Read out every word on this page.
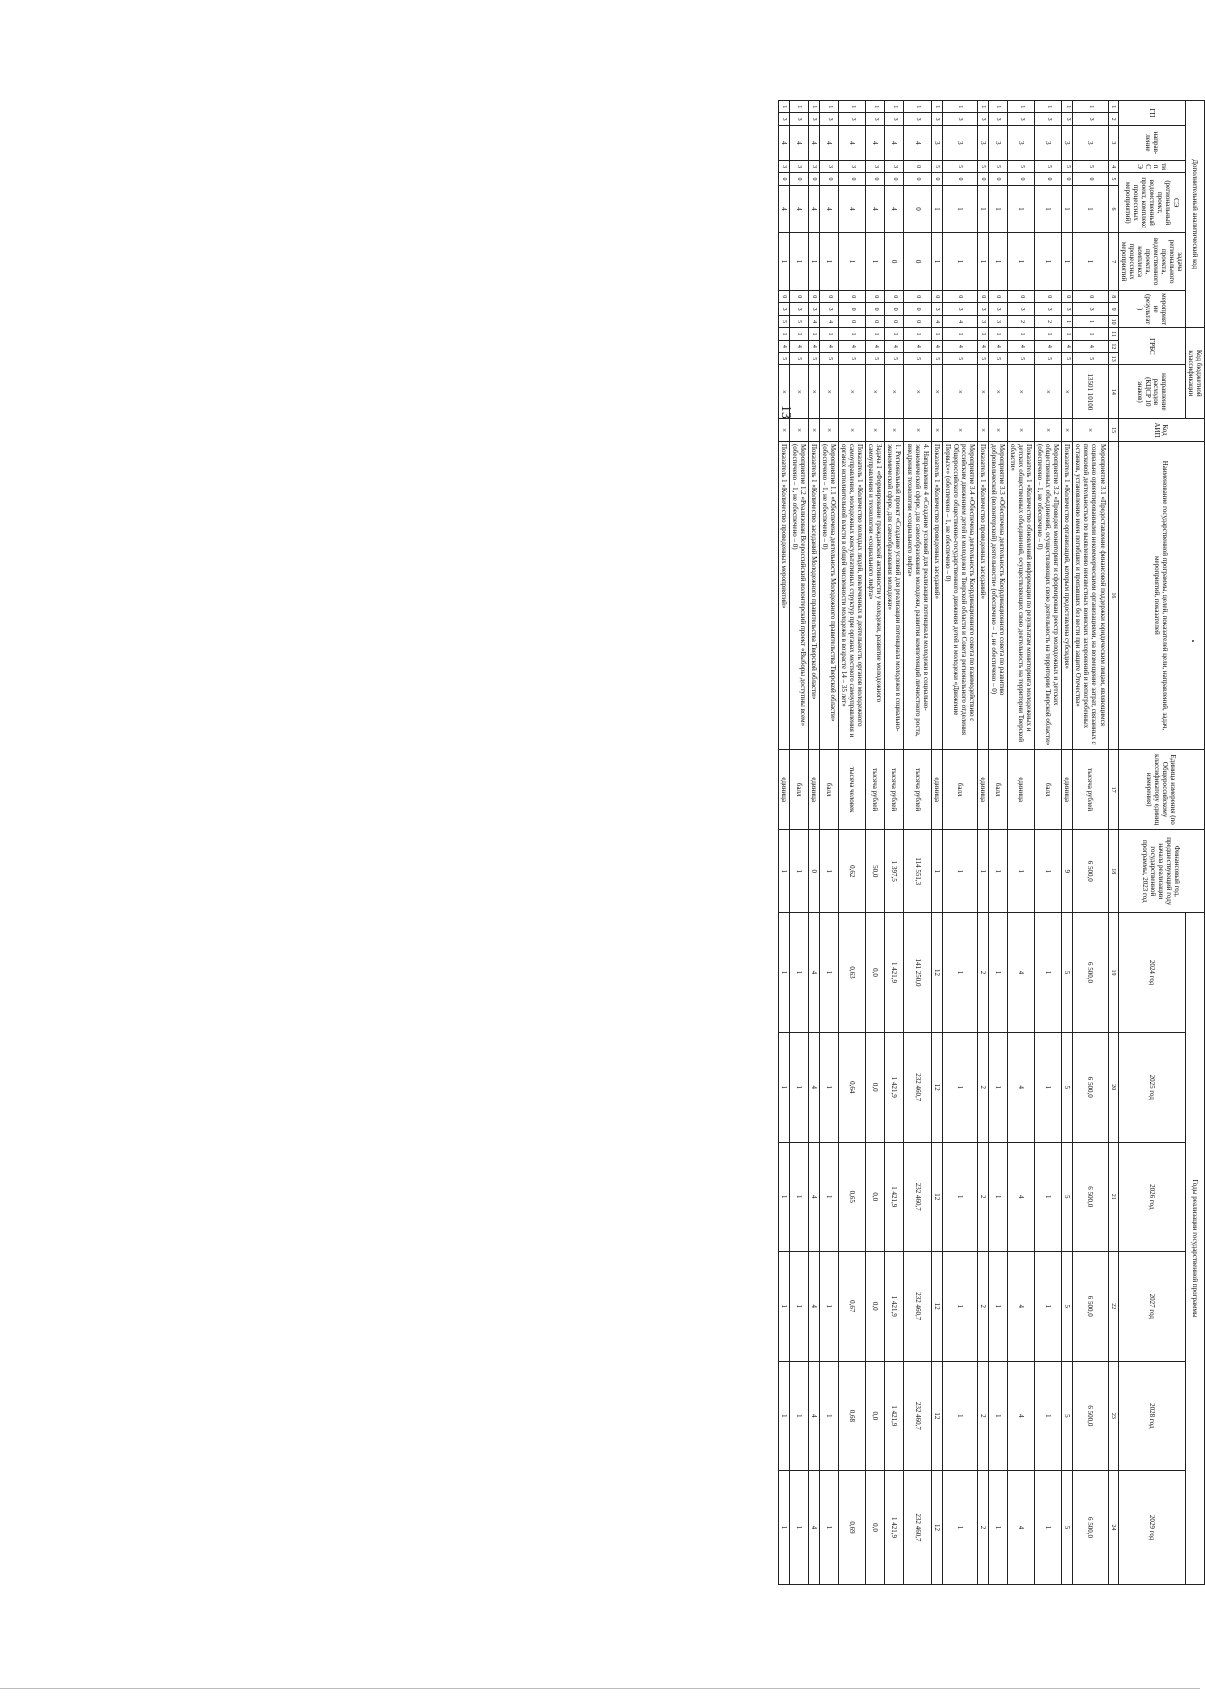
13
Дополнительный аналитический код										Код бюджетной классификации				Код АИП	Наименование государственной программы, целей, показателей цели, направлений, задач, мероприятий, показателей	Единица измерения (по Общероссийскому классификатору единиц измерения)	Финансовый год, предшествующий году начала реализации государственной программы, 2023 год	Годы реализации государственной программы					
ГП		направ-ление	тип СЭ	СЭ (региональный проект, ведомственный проект, комплекс процессных мероприятий)		задача регионального проекта, ведомственного проекта, комплекса процессных мероприятий	мероприятие (результат)			ГРБС			направление расходов (КЦСР 10 знаков)					2024 год	2025 год	2026 год	2027 год	2028 год	2029 год

1	2	3	4	5	6	7	8	9	10	11	12	13	14	15	16	17	18	19	20	21	22	23	24
1	3	3	5	0	1	1	0	3	1	1	4	5	13501 10100	×	Мероприятие 3.1 «Предоставление финансовой поддержки юридическим лицам, являющимся социально ориентированными некоммерческими организациями, на возмещение затрат, связанных с поисковой деятельностью по выявлению неизвестных воинских захоронений и непогребенных останков, установлению имен погибших и пропавших без вести при защите Отечества»	тысяча рублей	6 500,0	6 500,0	6 500,0	6 500,0	6 500,0	6 500,0	6 500,0
1	3	3	5	0	1	1	0	3	1	1	4	5	×	×	Показатель 1 «Количество организаций, которым предоставлена субсидия»	единица	9	5	5	5	5	5	5
1	3	3	5	0	1	1	0	3	2	1	4	5	×	×	Мероприятие 3.2 «Проведен мониторинг и сформирован реестр молодежных и детских общественных объединений, осуществляющих свою деятельность на территории Тверской области» (обеспечено – 1, не обеспечено – 0)	балл	1	1	1	1	1	1	1
1	3	3	5	0	1	1	0	3	2	1	4	5	×	×	Показатель 1 «Количество обновлений информации по результатам мониторинга молодежных и детских общественных объединений, осуществляющих свою деятельность на территории Тверской области»	единица	1	4	4	4	4	4	4
1	3	3	5	0	1	1	0	3	3	1	4	5	×	×	Мероприятие 3.3 «Обеспечена деятельность Координационного совета по развитию добровольческой (волонтерской) деятельности» (обеспечено – 1, не обеспечено – 0)	балл	1	1	1	1	1	1	1
1	3	3	5	0	1	1	0	3	3	1	4	5	×	×	Показатель 1 «Количество проведенных заседаний»	единица	1	2	2	2	2	2	2
1	3	3	5	0	1	1	0	3	4	1	4	5	×	×	Мероприятие 3.4 «Обеспечена деятельность Координационного совета по взаимодействию с российским движением детей и молодежи в Тверской области и Совета регионального отделения Общероссийского общественно-государственного движения детей и молодежи «Движение Первых»» (обеспечено – 1, не обеспечено – 0)	балл	1	1	1	1	1	1	1
1	3	3	5	0	1	1	0	3	4	1	4	5	×	×	Показатель 1 «Количество проведенных заседаний»	единица	1	12	12	12	12	12	12
1	3	4	0	0	0	0	0	0	0	1	4	5	×	×	4. Направление 4 «Создание условий для реализации потенциала молодежи в социально-экономической сфере, для самообразования молодежи, развития компетенций личностного роста, внедрения технологии «социального лифта»	тысяча рублей	114 551,3	141 250,0	232 460,7	232 460,7	232 460,7	232 460,7	232 460,7
1	3	4	3	0	4	0	0	0	0	1	4	5	×	×	1. Региональный проект «Создание условий для реализации потенциала молодежи в социально-экономической сфере, для самообразования молодежи»	тысяча рублей	1 397,5	1 421,9	1 421,9	1 421,9	1 421,9	1 421,9	1 421,9
1	3	4	3	0	4	1	0	0	0	1	4	5	×	×	Задача 1 «Формирование гражданской активности у молодежи, развитие молодежного самоуправления и технологии «социального лифта»	тысяча рублей	50,0	0,0	0,0	0,0	0,0	0,0	0,0
1	3	4	3	0	4	1	0	0	0	1	4	5	×	×	Показатель 1 «Количество молодых людей, вовлеченных в деятельность органов молодежного самоуправления, молодежных консультативных структур при органах местного самоуправления и органах исполнительной власти в общей численности молодежи в возрасте 14 – 35 лет»	тысяча человек	0,62	0,63	0,64	0,65	0,67	0,68	0,69
1	3	4	3	0	4	1	0	3	4	1	4	5	×	×	Мероприятие 1.1 «Обеспечена деятельность Молодежного правительства Тверской области» (обеспечено – 1, не обеспечено – 0)	балл	1	1	1	1	1	1	1
1	3	4	3	0	4	1	0	3	4	1	4	5	×	×	Показатель 1 «Количество заседаний Молодежного правительства Тверской области»	единица	0	4	4	4	4	4	4
1	3	4	3	0	4	1	0	3	5	1	4	5	×	×	Мероприятие 1.2 «Реализован Всероссийский волонтерский проект «Выборы доступны всем» (обеспечено – 1, не обеспечено – 0)	балл	1	1	1	1	1	1	1
1	3	4	3	0	4	1	0	3	5	1	4	5	×	×	Показатель 1 «Количество проведенных мероприятий»	единица	1	1	1	1	1	1	1
